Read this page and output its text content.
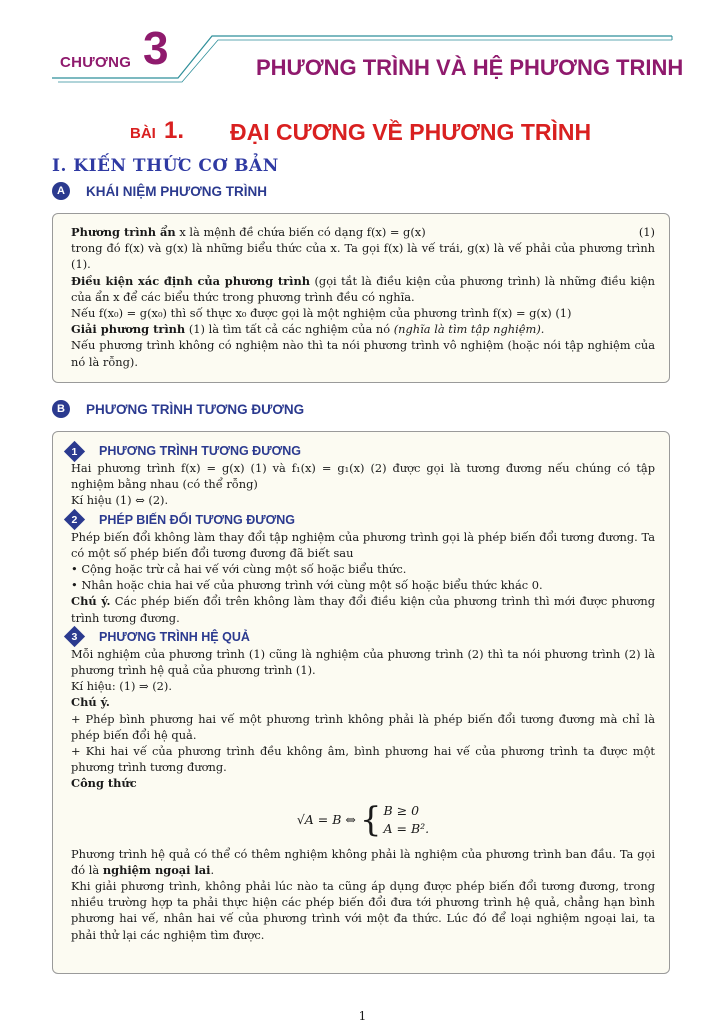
CHƯƠNG 3	PHƯƠNG TRÌNH VÀ HỆ PHƯƠNG TRINH
BÀI 1. ĐẠI CƯƠNG VỀ PHƯƠNG TRÌNH
I. KIẾN THỨC CƠ BẢN
A	KHÁI NIỆM PHƯƠNG TRÌNH

Phương trình ẩn x là mệnh đề chứa biến có dạng f(x) = g(x)	(1)

trong đó f(x) và g(x) là những biểu thức của x. Ta gọi f(x) là vế trái, g(x) là vế phải của phương trình (1).

Điều kiện xác định của phương trình (gọi tắt là điều kiện của phương trình) là những điều kiện của ẩn x để các biểu thức trong phương trình đều có nghĩa.

Nếu f(x₀) = g(x₀) thì số thực x₀ được gọi là một nghiệm của phương trình f(x) = g(x) (1)

Giải phương trình (1) là tìm tất cả các nghiệm của nó (nghĩa là tìm tập nghiệm).

Nếu phương trình không có nghiệm nào thì ta nói phương trình vô nghiệm (hoặc nói tập nghiệm của nó là rỗng).

B	PHƯƠNG TRÌNH TƯƠNG ĐƯƠNG
1 PHƯƠNG TRÌNH TƯƠNG ĐƯƠNG

Hai phương trình f(x) = g(x) (1) và f₁(x) = g₁(x) (2) được gọi là tương đương nếu chúng có tập nghiệm bằng nhau (có thể rỗng)

Kí hiệu (1) ⇔ (2).

2 PHÉP BIẾN ĐỔI TƯƠNG ĐƯƠNG

Phép biến đổi không làm thay đổi tập nghiệm của phương trình gọi là phép biến đổi tương đương. Ta có một số phép biến đổi tương đương đã biết sau

• Cộng hoặc trừ cả hai vế với cùng một số hoặc biểu thức.

• Nhân hoặc chia hai vế của phương trình với cùng một số hoặc biểu thức khác 0.

Chú ý. Các phép biến đổi trên không làm thay đổi điều kiện của phương trình thì mới được phương trình tương đương.

3 PHƯƠNG TRÌNH HỆ QUẢ

Mỗi nghiệm của phương trình (1) cũng là nghiệm của phương trình (2) thì ta nói phương trình (2) là phương trình hệ quả của phương trình (1).

Kí hiệu: (1) ⇒ (2).

Chú ý.

+ Phép bình phương hai vế một phương trình không phải là phép biến đổi tương đương mà chỉ là phép biến đổi hệ quả.

+ Khi hai vế của phương trình đều không âm, bình phương hai vế của phương trình ta được một phương trình tương đương.

Công thức

√A = B ⇔ { B ≥ 0
A = B².

Phương trình hệ quả có thể có thêm nghiệm không phải là nghiệm của phương trình ban đầu. Ta gọi đó là nghiệm ngoại lai.

Khi giải phương trình, không phải lúc nào ta cũng áp dụng được phép biến đổi tương đương, trong nhiều trường hợp ta phải thực hiện các phép biến đổi đưa tới phương trình hệ quả, chẳng hạn bình phương hai vế, nhân hai vế của phương trình với một đa thức. Lúc đó để loại nghiệm ngoại lai, ta phải thử lại các nghiệm tìm được.

1
